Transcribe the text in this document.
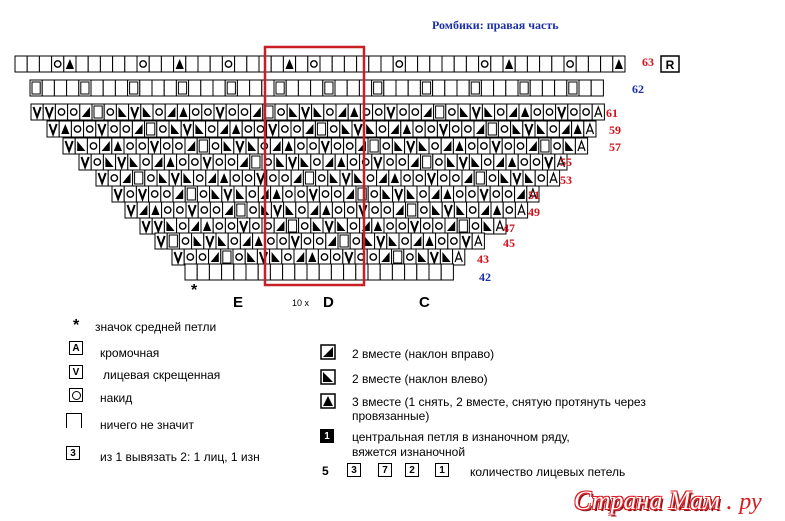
Ромбики: правая часть
R
63
62
61
59
57
55
53
51
49
47
45
43
42
*
E	10 x D	C
* значок средней петли
A кромочная
V лицевая скрещенная
накид
ничего не значит
3 из 1 вывязать 2: 1 лиц, 1 изн
2 вместе (наклон вправо)
2 вместе (наклон влево)
3 вместе (1 снять, 2 вместе, снятую протянуть через провязанные)
1 центральная петля в изнаночном ряду, вяжется изнаночной
5 3	7 2 1 количество лицевых петель
Страна Мам . ру
